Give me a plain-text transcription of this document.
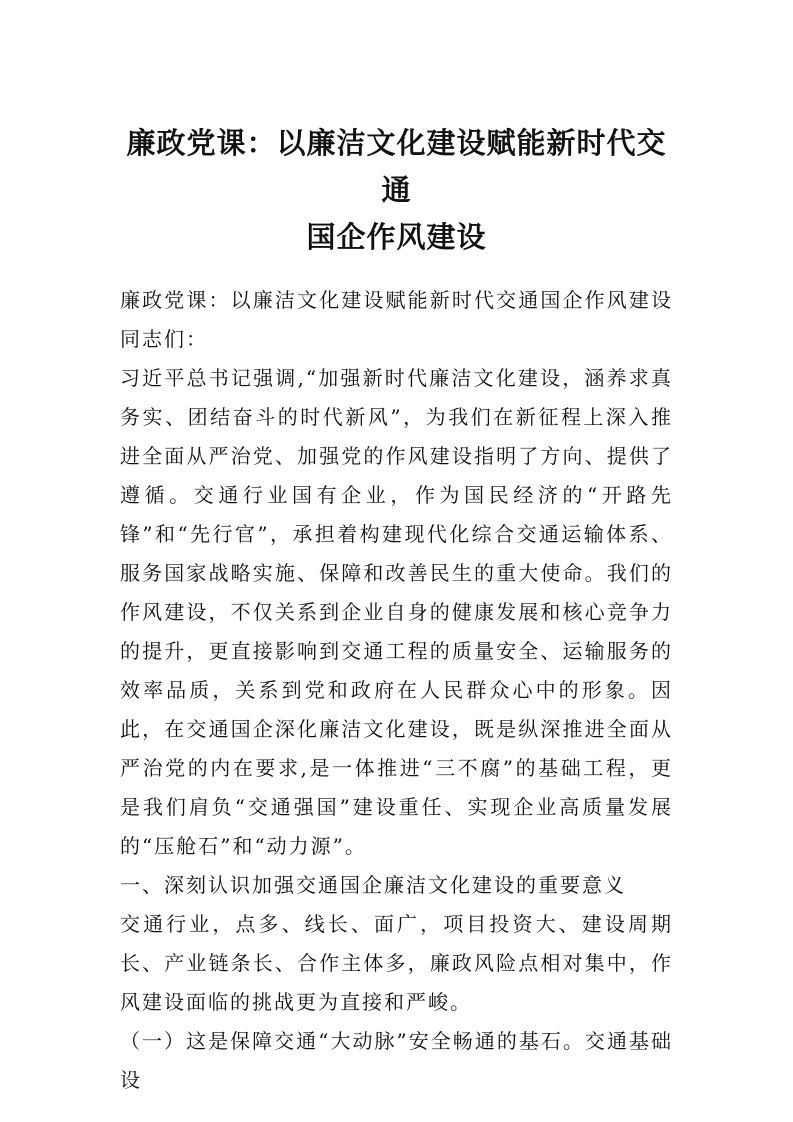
廉政党课：以廉洁文化建设赋能新时代交通
国企作风建设

廉政党课：以廉洁文化建设赋能新时代交通国企作风建设同志们：

习近平总书记强调,“加强新时代廉洁文化建设，涵养求真务实、团结奋斗的时代新风”，为我们在新征程上深入推进全面从严治党、加强党的作风建设指明了方向、提供了遵循。交通行业国有企业，作为国民经济的“开路先锋”和“先行官”，承担着构建现代化综合交通运输体系、服务国家战略实施、保障和改善民生的重大使命。我们的作风建设，不仅关系到企业自身的健康发展和核心竞争力的提升，更直接影响到交通工程的质量安全、运输服务的效率品质，关系到党和政府在人民群众心中的形象。因此，在交通国企深化廉洁文化建设，既是纵深推进全面从严治党的内在要求,是一体推进“三不腐”的基础工程，更是我们肩负“交通强国”建设重任、实现企业高质量发展的“压舱石”和“动力源”。

一、深刻认识加强交通国企廉洁文化建设的重要意义

交通行业，点多、线长、面广，项目投资大、建设周期长、产业链条长、合作主体多，廉政风险点相对集中，作风建设面临的挑战更为直接和严峻。

（一）这是保障交通“大动脉”安全畅通的基石。交通基础设
